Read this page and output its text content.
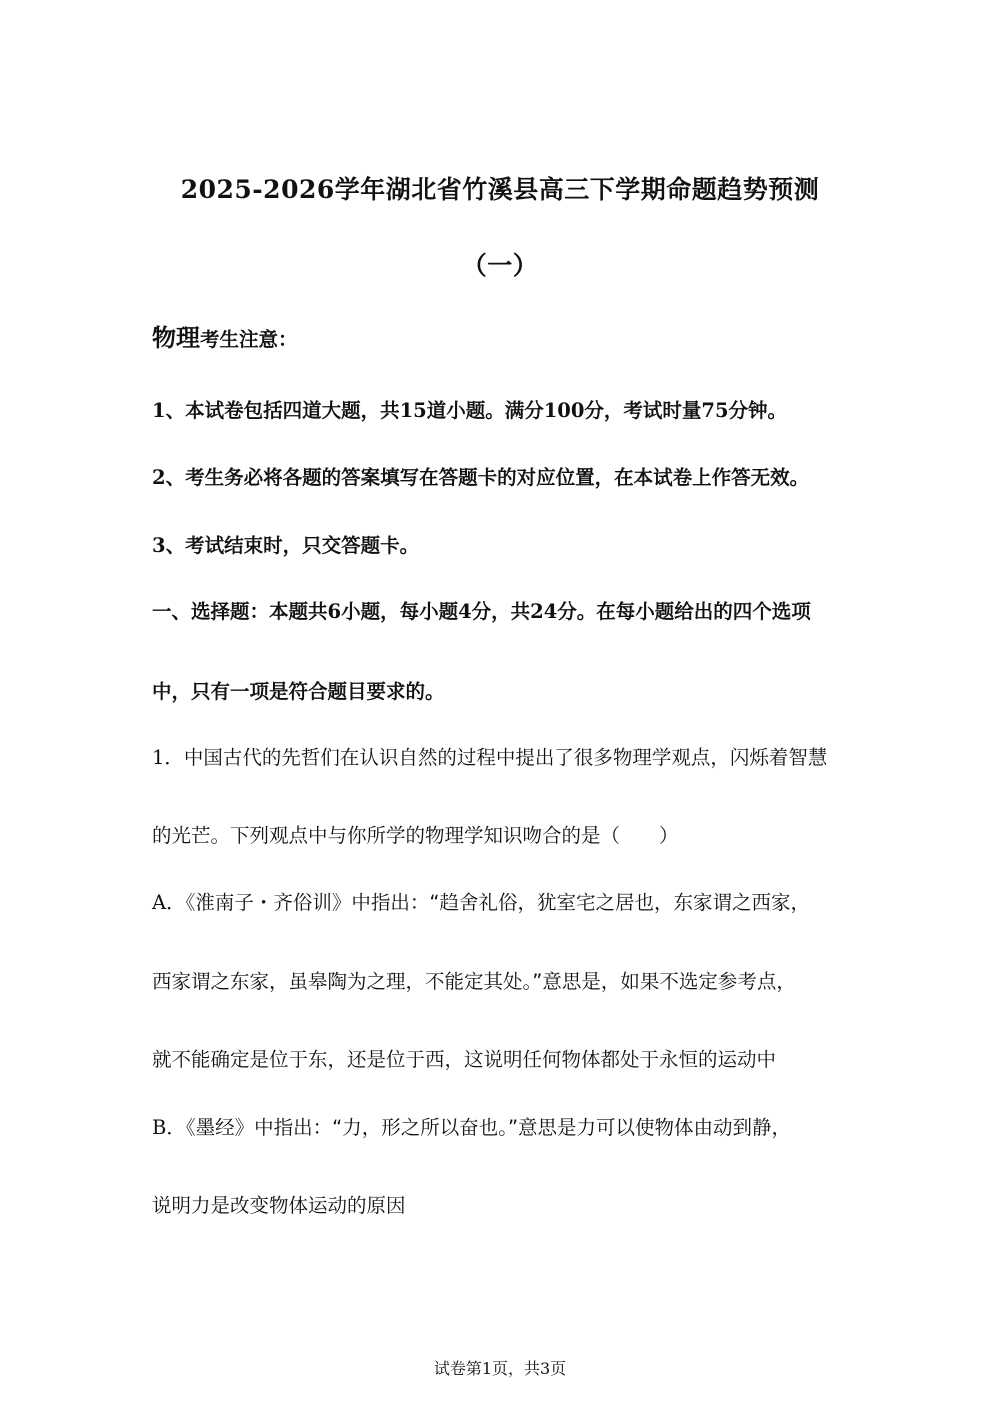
2025-2026学年湖北省竹溪县高三下学期命题趋势预测
（一）
物理考生注意：
1、本试卷包括四道大题，共15道小题。满分100分，考试时量75分钟。
2、考生务必将各题的答案填写在答题卡的对应位置，在本试卷上作答无效。
3、考试结束时，只交答题卡。
一、选择题：本题共6小题，每小题4分，共24分。在每小题给出的四个选项
中，只有一项是符合题目要求的。
1．中国古代的先哲们在认识自然的过程中提出了很多物理学观点，闪烁着智慧
的光芒。下列观点中与你所学的物理学知识吻合的是（　　）
A．《淮南子・齐俗训》中指出：“趋舍礼俗，犹室宅之居也，东家谓之西家，
西家谓之东家，虽皋陶为之理，不能定其处。”意思是，如果不选定参考点，
就不能确定是位于东，还是位于西，这说明任何物体都处于永恒的运动中
B．《墨经》中指出：“力，形之所以奋也。”意思是力可以使物体由动到静，
说明力是改变物体运动的原因
试卷第1页，共3页
